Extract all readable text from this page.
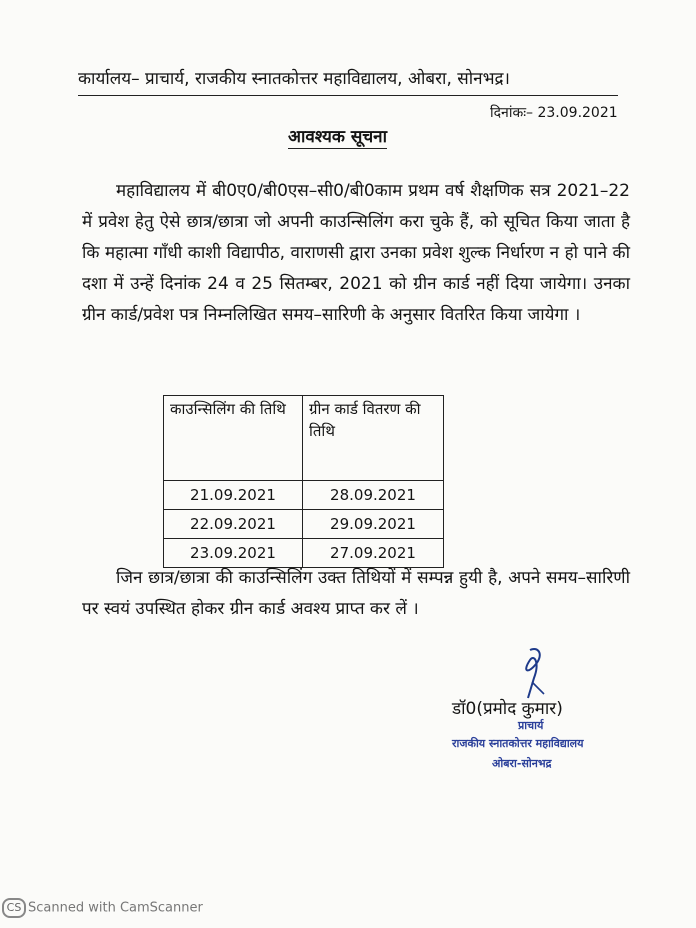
कार्यालय– प्राचार्य, राजकीय स्नातकोत्तर महाविद्यालय, ओबरा, सोनभद्र।
दिनांकः– 23.09.2021
आवश्यक सूचना
महाविद्यालय में बी0ए0/बी0एस–सी0/बी0काम प्रथम वर्ष शैक्षणिक सत्र 2021–22 में प्रवेश हेतु ऐसे छात्र/छात्रा जो अपनी काउन्सिलिंग करा चुके हैं, को सूचित किया जाता है कि महात्मा गाँधी काशी विद्यापीठ, वाराणसी द्वारा उनका प्रवेश शुल्क निर्धारण न हो पाने की दशा में उन्हें दिनांक 24 व 25 सितम्बर, 2021 को ग्रीन कार्ड नहीं दिया जायेगा। उनका ग्रीन कार्ड/प्रवेश पत्र निम्नलिखित समय–सारिणी के अनुसार वितरित किया जायेगा ।
काउन्सिलिंग की तिथि	ग्रीन कार्ड वितरण की तिथि
21.09.2021	28.09.2021
22.09.2021	29.09.2021
23.09.2021	27.09.2021
जिन छात्र/छात्रा की काउन्सिलिंग उक्त तिथियों में सम्पन्न हुयी है, अपने समय–सारिणी पर स्वयं उपस्थित होकर ग्रीन कार्ड अवश्य प्राप्त कर लें ।
डॉ0(प्रमोद कुमार)
प्राचार्य
राजकीय स्नातकोत्तर महाविद्यालय
ओबरा-सोनभद्र
CS Scanned with CamScanner
